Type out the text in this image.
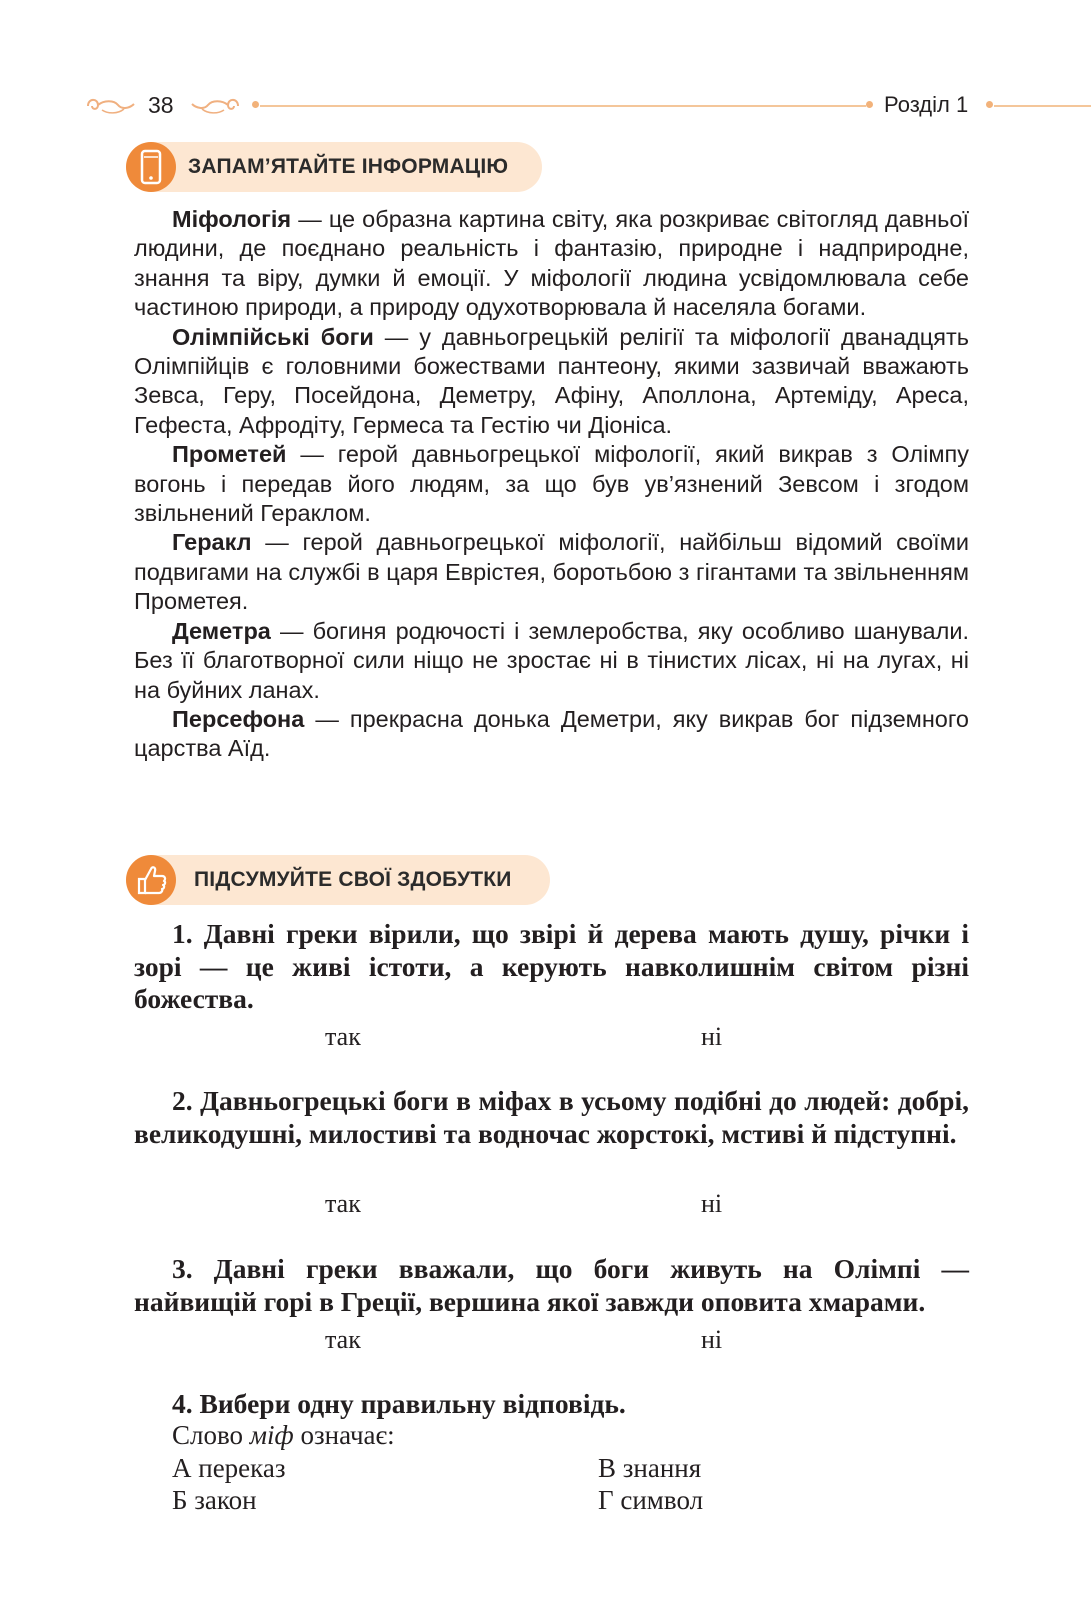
38	Розділ 1
ЗАПАМ’ЯТАЙТЕ ІНФОРМАЦІЮ

Міфологія — це образна картина світу, яка розкриває світогляд давньої людини, де поєднано реальність і фантазію, природне і надприродне, знання та віру, думки й емоції. У міфології людина усвідомлювала себе частиною природи, а природу одухотворювала й населяла богами.

Олімпійські боги — у давньогрецькій релігії та міфології дванадцять Олімпійців є головними божествами пантеону, якими зазвичай вважають Зевса, Геру, Посейдона, Деметру, Афіну, Аполлона, Артеміду, Ареса, Гефеста, Афродіту, Гермеса та Гестію чи Діоніса.

Прометей — герой давньогрецької міфології, який викрав з Олімпу вогонь і передав його людям, за що був ув’язнений Зевсом і згодом звільнений Гераклом.

Геракл — герой давньогрецької міфології, найбільш відомий своїми подвигами на службі в царя Еврістея, боротьбою з гігантами та звільненням Прометея.

Деметра — богиня родючості і землеробства, яку особливо шанували. Без її благотворної сили ніщо не зростає ні в тінистих лісах, ні на лугах, ні на буйних ланах.

Персефона — прекрасна донька Деметри, яку викрав бог підземного царства Аїд.

ПІДСУМУЙТЕ СВОЇ ЗДОБУТКИ
1. Давні греки вірили, що звірі й дерева мають душу, річки і зорі — це живі істоти, а керують навколишнім світом різні божества.
так	ні
2. Давньогрецькі боги в міфах в усьому подібні до людей: добрі, великодушні, милостиві та водночас жорстокі, мстиві й підступні.
так	ні
3. Давні греки вважали, що боги живуть на Олімпі — найвищій горі в Греції, вершина якої завжди оповита хмарами.
так	ні
4. Вибери одну правильну відповідь.
Слово міф означає:
А переказ
Б закон
В знання
Г символ
